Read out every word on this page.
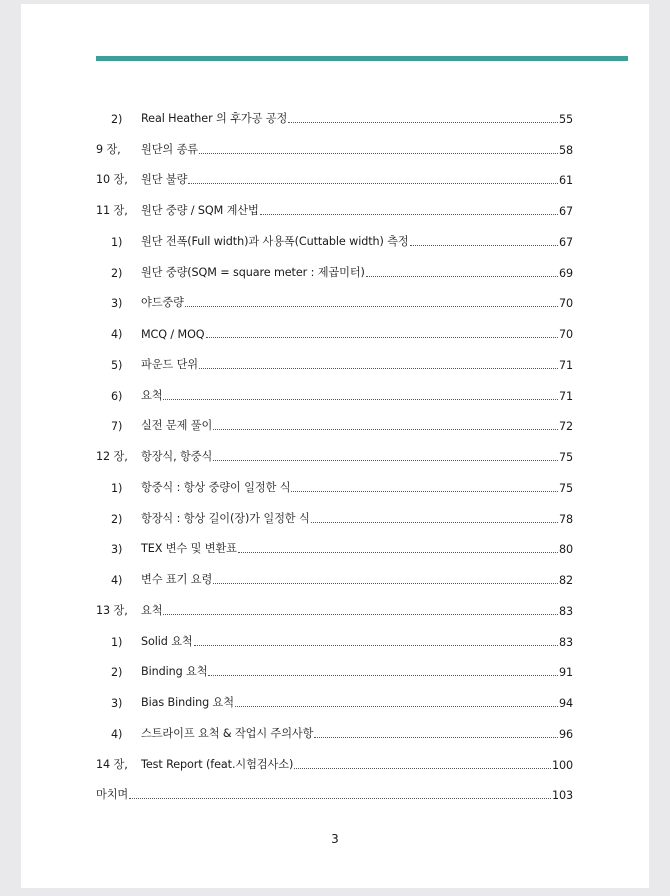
2)	Real Heather 의 후가공 공정	55
9 장,	원단의 종류	58
10 장,	원단 불량	61
11 장,	원단 중량 / SQM 계산법	67
1)	원단 전폭(Full width)과 사용폭(Cuttable width) 측정	67
2)	원단 중량(SQM = square meter : 제곱미터)	69
3)	야드중량	70
4)	MCQ / MOQ	70
5)	파운드 단위	71
6)	요척	71
7)	실전 문제 풀이	72
12 장,	항장식, 항중식	75
1)	항중식 : 항상 중량이 일정한 식	75
2)	항장식 : 항상 길이(장)가 일정한 식	78
3)	TEX 변수 및 변환표	80
4)	변수 표기 요령	82
13 장,	요척	83
1)	Solid 요척	83
2)	Binding 요척	91
3)	Bias Binding 요척	94
4)	스트라이프 요척 & 작업시 주의사항	96
14 장,	Test Report (feat.시험검사소)	100
마치며	103
3
